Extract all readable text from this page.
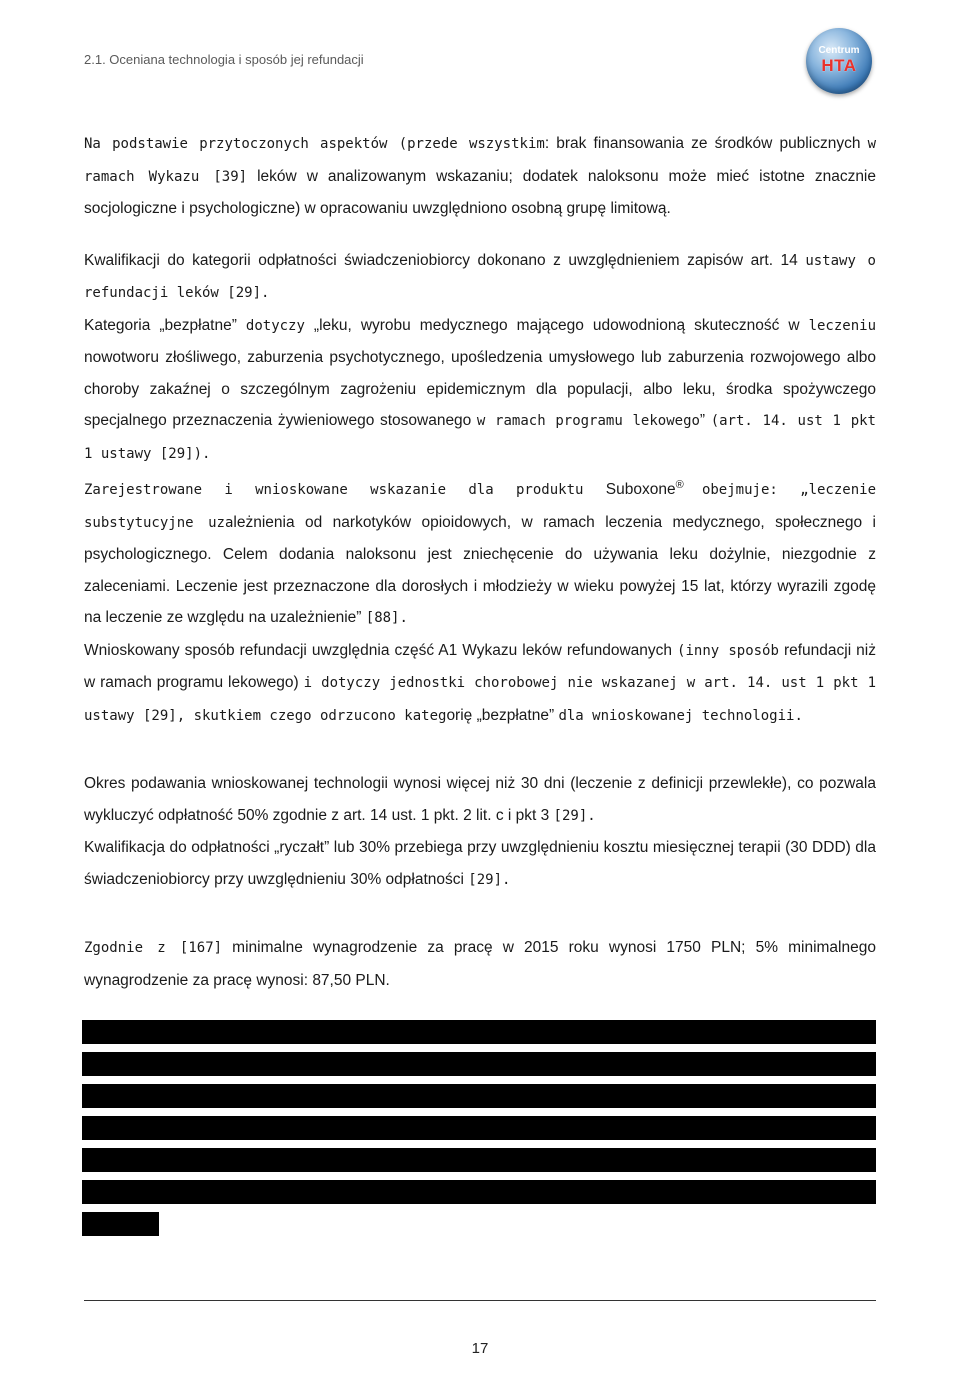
2.1. Oceniana technologia i sposób jej refundacji
Centrum
HTA

Na podstawie przytoczonych aspektów (przede wszystkim: brak finansowania ze środków publicznych w ramach Wykazu [39] leków w analizowanym wskazaniu; dodatek naloksonu może mieć istotne znacznie socjologiczne i psychologiczne) w opracowaniu uwzględniono osobną grupę limitową.

Kwalifikacji do kategorii odpłatności świadczeniobiorcy dokonano z uwzględnieniem zapisów art. 14 ustawy o refundacji leków [29].

Kategoria „bezpłatne” dotyczy „leku, wyrobu medycznego mającego udowodnioną skuteczność w leczeniu nowotworu złośliwego, zaburzenia psychotycznego, upośledzenia umysłowego lub zaburzenia rozwojowego albo choroby zakaźnej o szczególnym zagrożeniu epidemicznym dla populacji, albo leku, środka spożywczego specjalnego przeznaczenia żywieniowego stosowanego w ramach programu lekowego” (art. 14. ust 1 pkt 1 ustawy [29]).

Zarejestrowane i wnioskowane wskazanie dla produktu Suboxone® obejmuje: „leczenie substytucyjne uzależnienia od narkotyków opioidowych, w ramach leczenia medycznego, społecznego i psychologicznego. Celem dodania naloksonu jest zniechęcenie do używania leku dożylnie, niezgodnie z zaleceniami. Leczenie jest przeznaczone dla dorosłych i młodzieży w wieku powyżej 15 lat, którzy wyrazili zgodę na leczenie ze względu na uzależnienie” [88].

Wnioskowany sposób refundacji uwzględnia część A1 Wykazu leków refundowanych (inny sposób refundacji niż w ramach programu lekowego) i dotyczy jednostki chorobowej nie wskazanej w art. 14. ust 1 pkt 1 ustawy [29], skutkiem czego odrzucono kategorię „bezpłatne” dla wnioskowanej technologii.

Okres podawania wnioskowanej technologii wynosi więcej niż 30 dni (leczenie z definicji przewlekłe), co pozwala wykluczyć odpłatność 50% zgodnie z art. 14 ust. 1 pkt. 2 lit. c i pkt 3 [29].

Kwalifikacja do odpłatności „ryczałt” lub 30% przebiega przy uwzględnieniu kosztu miesięcznej terapii (30 DDD) dla świadczeniobiorcy przy uwzględnieniu 30% odpłatności [29].

Zgodnie z [167] minimalne wynagrodzenie za pracę w 2015 roku wynosi 1750 PLN; 5% minimalnego wynagrodzenie za pracę wynosi: 87,50 PLN.

17
